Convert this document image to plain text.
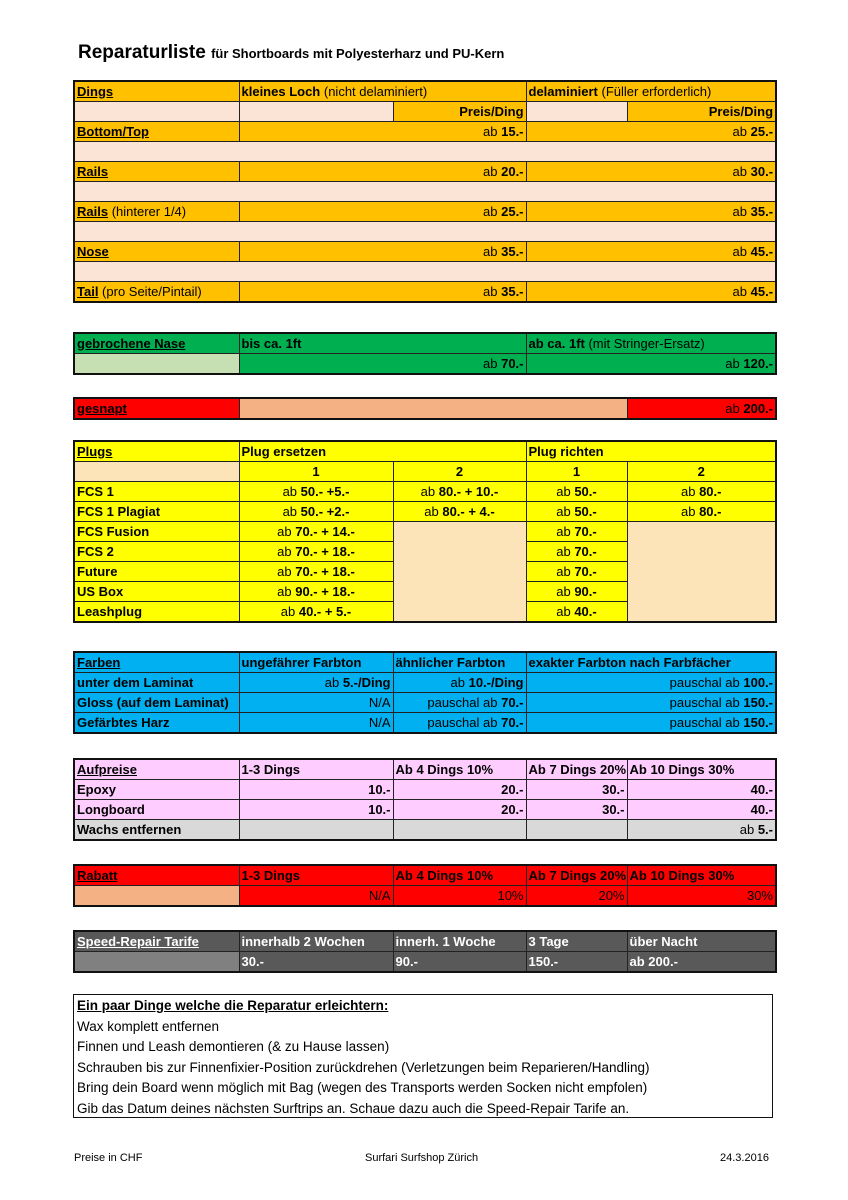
Reparaturliste für Shortboards mit Polyesterharz und PU-Kern
Dings	kleines Loch (nicht delaminiert)		delaminiert (Füller erforderlich)	
		Preis/Ding		Preis/Ding
Bottom/Top	ab 15.-		ab 25.-	

Rails	ab 20.-		ab 30.-	

Rails (hinterer 1/4)	ab 25.-		ab 35.-	

Nose	ab 35.-		ab 45.-	

Tail (pro Seite/Pintail)	ab 35.-		ab 45.-	
gebrochene Nase	bis ca. 1ft	ab ca. 1ft (mit Stringer-Ersatz)
	ab 70.-	ab 120.-
gesnapt		ab 200.-
Plugs	Plug ersetzen		Plug richten	
	1	2	1	2
FCS 1	ab 50.- +5.-	ab 80.- + 10.-	ab 50.-	ab 80.-
FCS 1 Plagiat	ab 50.- +2.-	ab 80.- + 4.-	ab 50.-	ab 80.-
FCS Fusion	ab 70.- + 14.-		ab 70.-	
FCS 2	ab 70.- + 18.-		ab 70.-	
Future	ab 70.- + 18.-		ab 70.-	
US Box	ab 90.- + 18.-		ab 90.-	
Leashplug	ab 40.- + 5.-		ab 40.-	
Farben	ungefährer Farbton	ähnlicher Farbton	exakter Farbton nach Farbfächer
unter dem Laminat	ab 5.-/Ding	ab 10.-/Ding	pauschal ab 100.-
Gloss (auf dem Laminat)	N/A	pauschal ab 70.-	pauschal ab 150.-
Gefärbtes Harz	N/A	pauschal ab 70.-	pauschal ab 150.-
Aufpreise	1-3 Dings	Ab 4 Dings 10%	Ab 7 Dings 20%	Ab 10 Dings 30%
Epoxy	10.-	20.-	30.-	40.-
Longboard	10.-	20.-	30.-	40.-
Wachs entfernen				ab 5.-
Rabatt	1-3 Dings	Ab 4 Dings 10%	Ab 7 Dings 20%	Ab 10 Dings 30%
	N/A	10%	20%	30%
Speed-Repair Tarife	innerhalb 2 Wochen	innerh. 1 Woche	3 Tage	über Nacht
	30.-	90.-	150.-	ab 200.-
Ein paar Dinge welche die Reparatur erleichtern:
Wax komplett entfernen
Finnen und Leash demontieren (& zu Hause lassen)
Schrauben bis zur Finnenfixier-Position zurückdrehen (Verletzungen beim Reparieren/Handling)
Bring dein Board wenn möglich mit Bag (wegen des Transports werden Socken nicht empfolen)
Gib das Datum deines nächsten Surftrips an. Schaue dazu auch die Speed-Repair Tarife an.
Preise in CHF	Surfari Surfshop Zürich	24.3.2016
